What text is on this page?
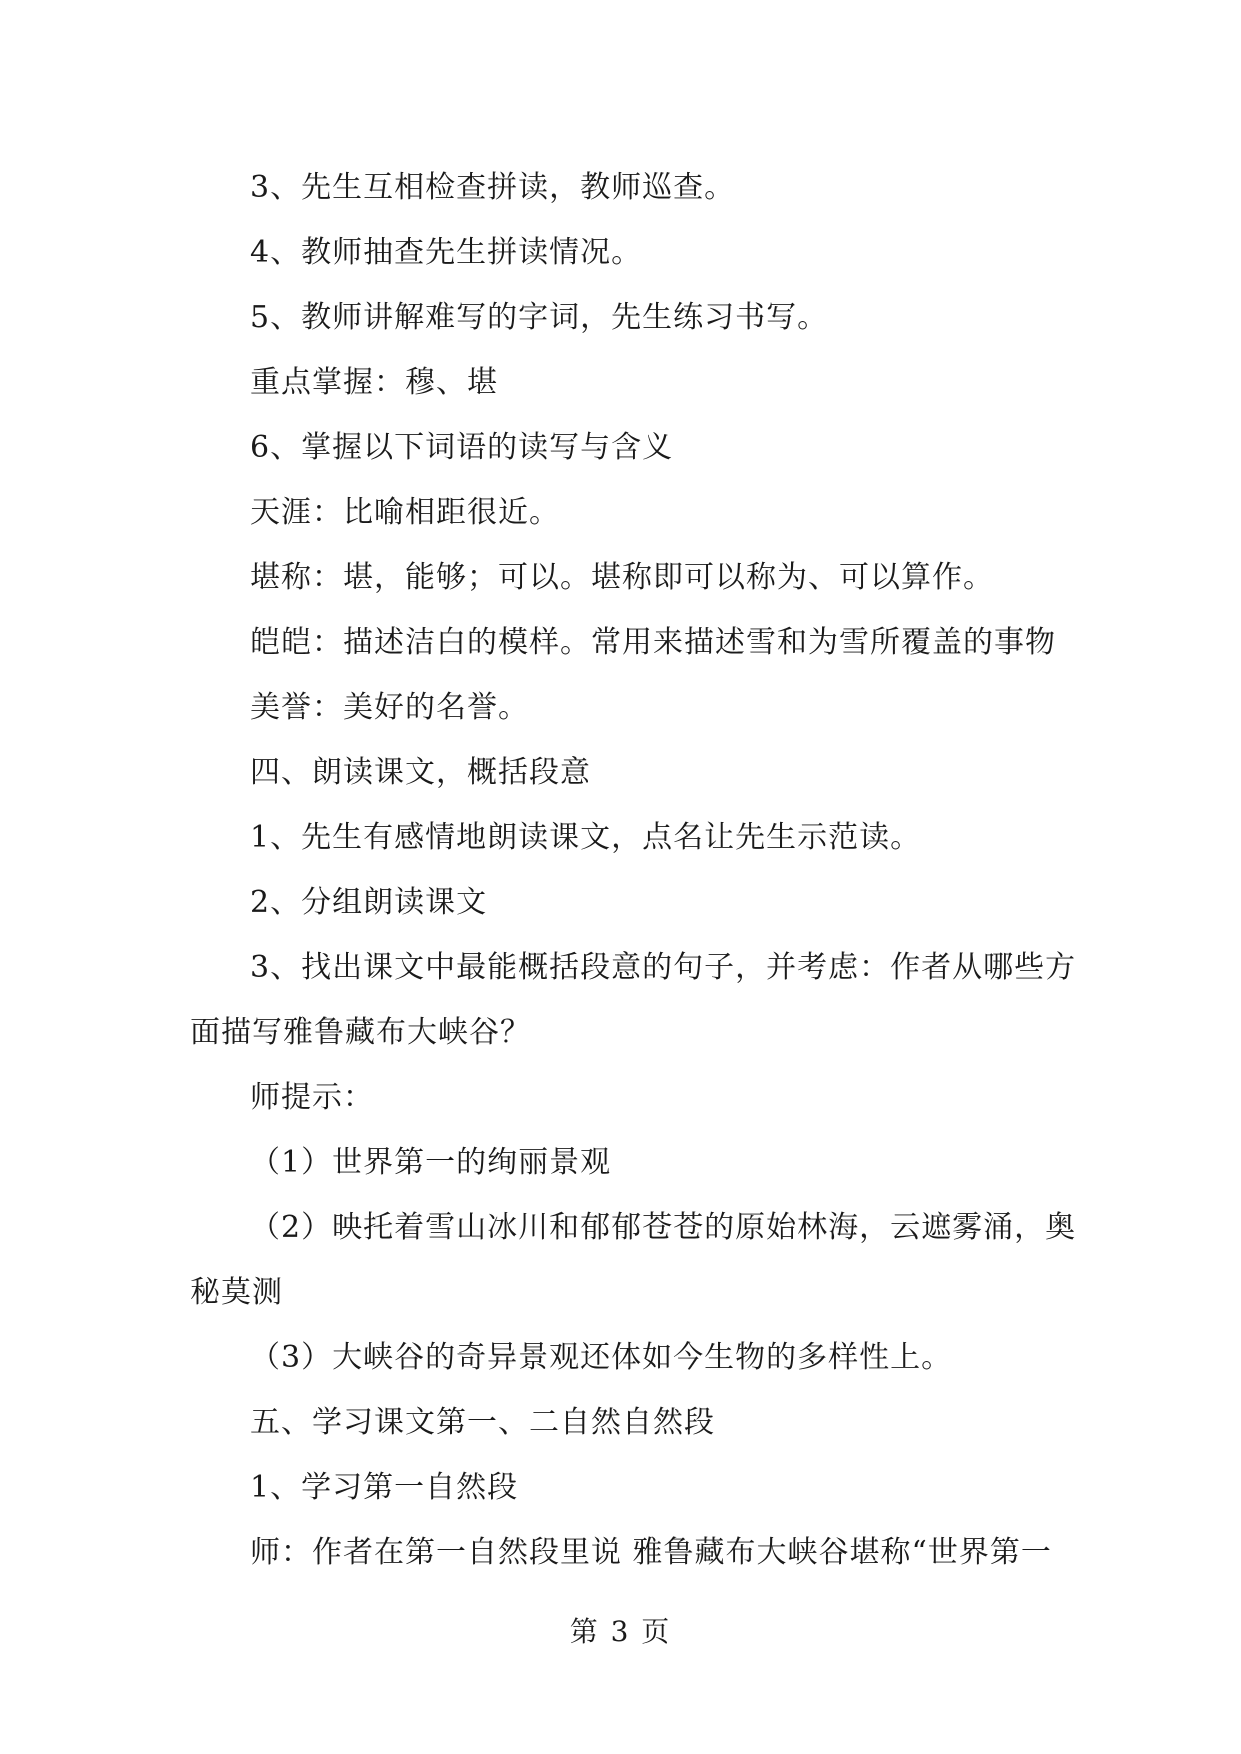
3、先生互相检查拼读，教师巡查。

4、教师抽查先生拼读情况。

5、教师讲解难写的字词，先生练习书写。

重点掌握：穆、堪

6、掌握以下词语的读写与含义

天涯：比喻相距很近。

堪称：堪，能够；可以。堪称即可以称为、可以算作。

皑皑：描述洁白的模样。常用来描述雪和为雪所覆盖的事物

美誉：美好的名誉。

四、朗读课文，概括段意

1、先生有感情地朗读课文，点名让先生示范读。

2、分组朗读课文

3、找出课文中最能概括段意的句子，并考虑：作者从哪些方面描写雅鲁藏布大峡谷？

师提示：

（1）世界第一的绚丽景观

（2）映托着雪山冰川和郁郁苍苍的原始林海，云遮雾涌，奥秘莫测

（3）大峡谷的奇异景观还体如今生物的多样性上。

五、学习课文第一、二自然自然段

1、学习第一自然段

师：作者在第一自然段里说 雅鲁藏布大峡谷堪称“世界第一

第 3 页
